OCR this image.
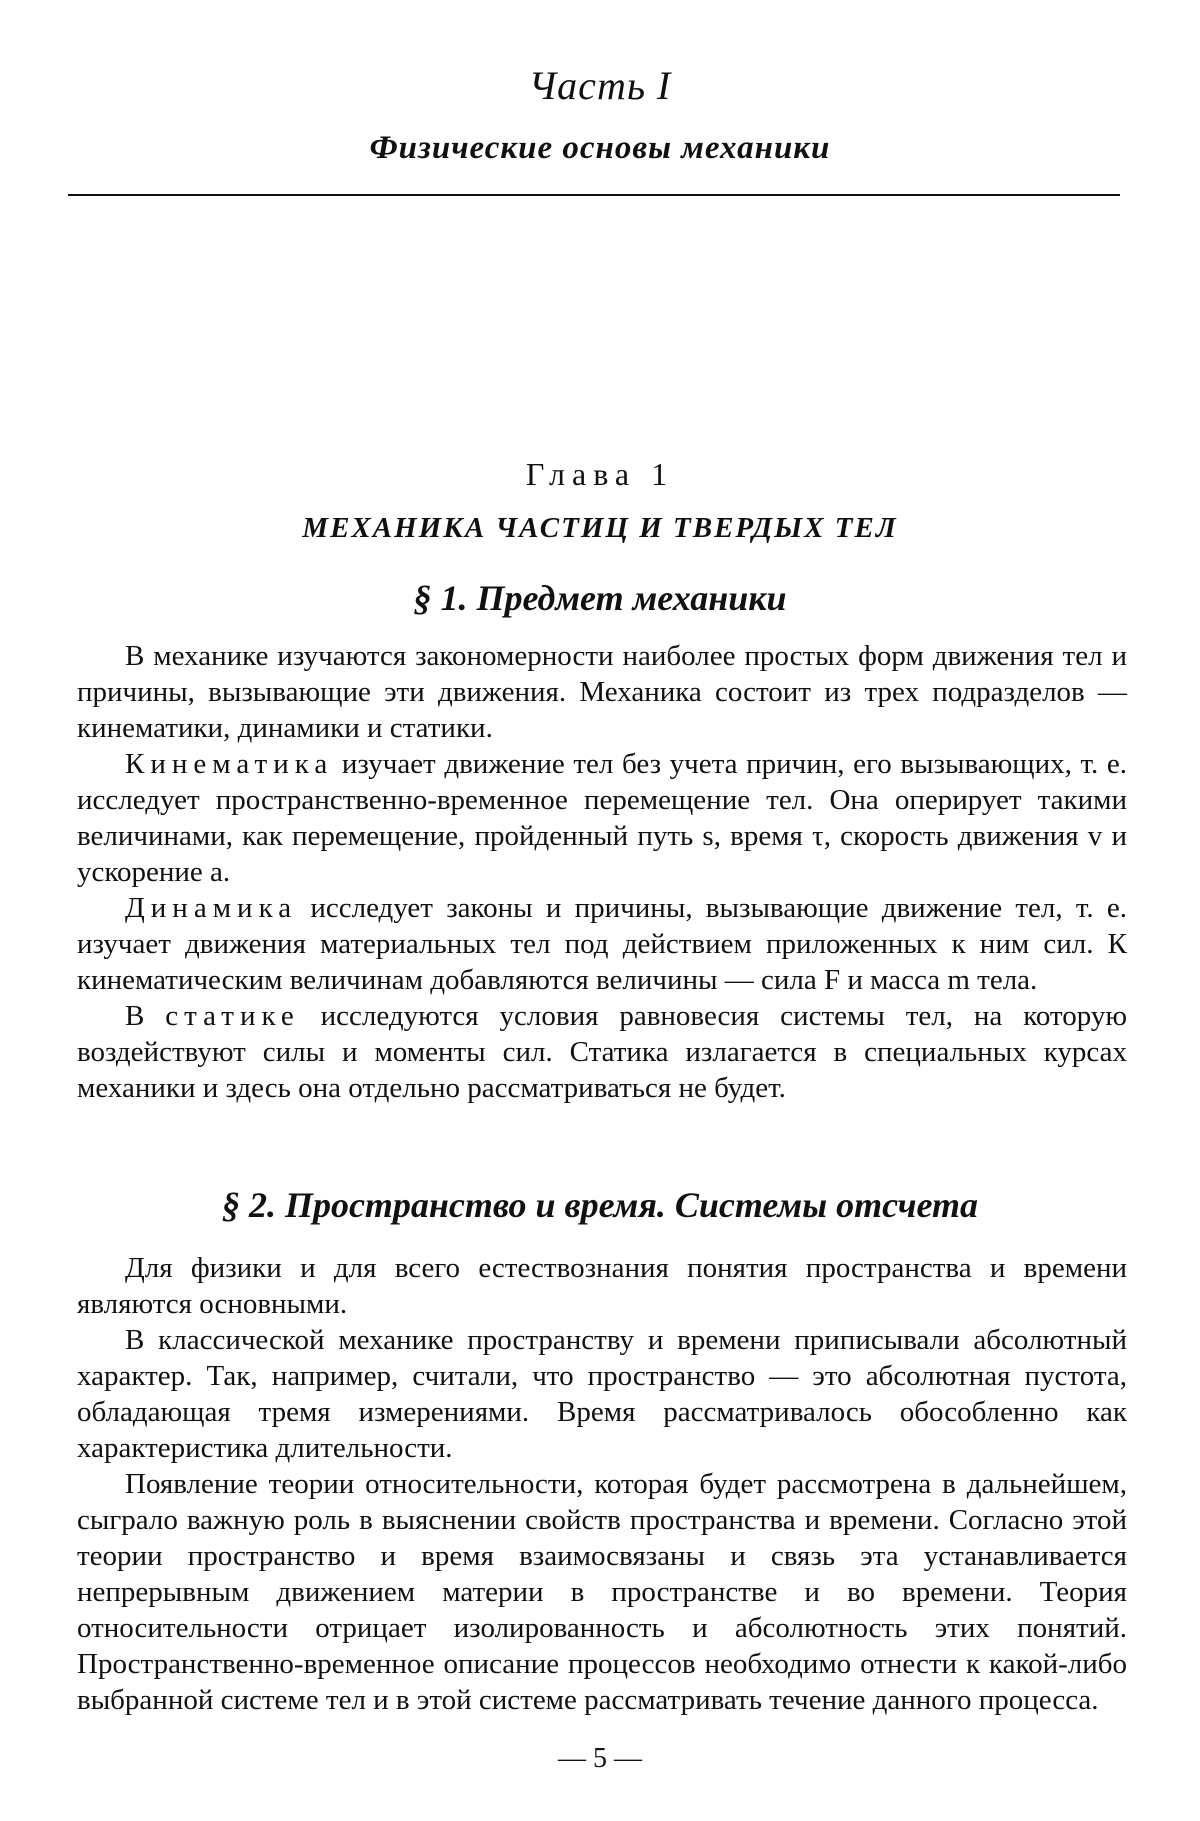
Часть I
Физические основы механики
Глава 1
МЕХАНИКА ЧАСТИЦ И ТВЕРДЫХ ТЕЛ
§ 1. Предмет механики

В механике изучаются закономерности наиболее простых форм движения тел и причины, вызывающие эти движения. Механика состоит из трех подразделов — кинематики, динамики и статики.

Кинематика изучает движение тел без учета причин, его вызывающих, т. е. исследует пространственно-временное перемещение тел. Она оперирует такими величинами, как перемещение, пройденный путь s, время τ, скорость движения v и ускорение a.

Динамика исследует законы и причины, вызывающие движение тел, т. е. изучает движения материальных тел под действием приложенных к ним сил. К кинематическим величинам добавляются величины — сила F и масса m тела.

В статике исследуются условия равновесия системы тел, на которую воздействуют силы и моменты сил. Статика излагается в специальных курсах механики и здесь она отдельно рассматриваться не будет.

§ 2. Пространство и время. Системы отсчета

Для физики и для всего естествознания понятия пространства и времени являются основными.

В классической механике пространству и времени приписывали абсолютный характер. Так, например, считали, что пространство — это абсолютная пустота, обладающая тремя измерениями. Время рассматривалось обособленно как характеристика длительности.

Появление теории относительности, которая будет рассмотрена в дальнейшем, сыграло важную роль в выяснении свойств пространства и времени. Согласно этой теории пространство и время взаимосвязаны и связь эта устанавливается непрерывным движением материи в пространстве и во времени. Теория относительности отрицает изолированность и абсолютность этих понятий. Пространственно-временное описание процессов необходимо отнести к какой-либо выбранной системе тел и в этой системе рассматривать течение данного процесса.

— 5 —
